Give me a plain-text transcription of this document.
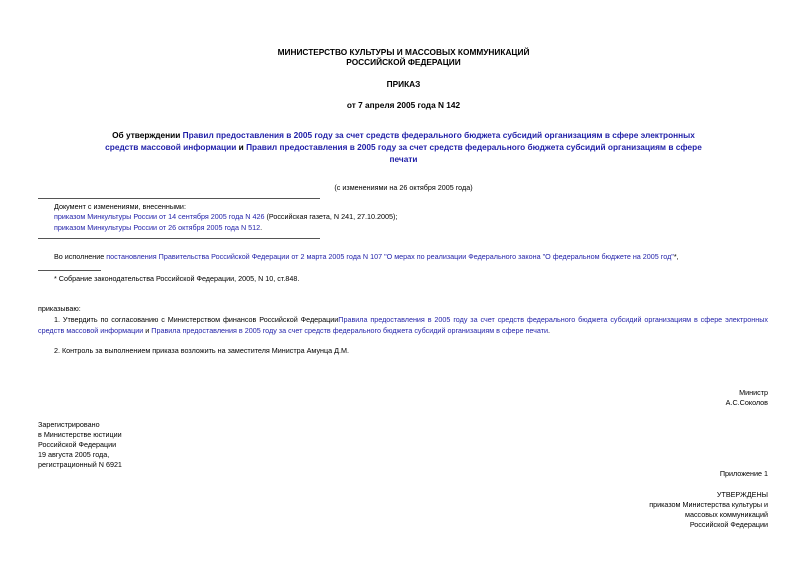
МИНИСТЕРСТВО КУЛЬТУРЫ И МАССОВЫХ КОММУНИКАЦИЙ
РОССИЙСКОЙ ФЕДЕРАЦИИ
ПРИКАЗ
от 7 апреля 2005 года N 142
Об утверждении Правил предоставления в 2005 году за счет средств федерального бюджета субсидий организациям в сфере электронных средств массовой информации и Правил предоставления в 2005 году за счет средств федерального бюджета субсидий организациям в сфере печати
(с изменениями на 26 октября 2005 года)
Документ с изменениями, внесенными:
приказом Минкультуры России от 14 сентября 2005 года N 426 (Российская газета, N 241, 27.10.2005);
приказом Минкультуры России от 26 октября 2005 года N 512.
Во исполнение постановления Правительства Российской Федерации от 2 марта 2005 года N 107 "О мерах по реализации Федерального закона "О федеральном бюджете на 2005 год"*,
* Собрание законодательства Российской Федерации, 2005, N 10, ст.848.
приказываю:
1. Утвердить по согласованию с Министерством финансов Российской ФедерацииПравила предоставления в 2005 году за счет средств федерального бюджета субсидий организациям в сфере электронных средств массовой информации и Правила предоставления в 2005 году за счет средств федерального бюджета субсидий организациям в сфере печати.
2. Контроль за выполнением приказа возложить на заместителя Министра Амунца Д.М.
Министр
А.С.Соколов
Зарегистрировано
в Министерстве юстиции
Российской Федерации
19 августа 2005 года,
регистрационный N 6921
Приложение 1
УТВЕРЖДЕНЫ
приказом Министерства культуры и
массовых коммуникаций
Российской Федерации
